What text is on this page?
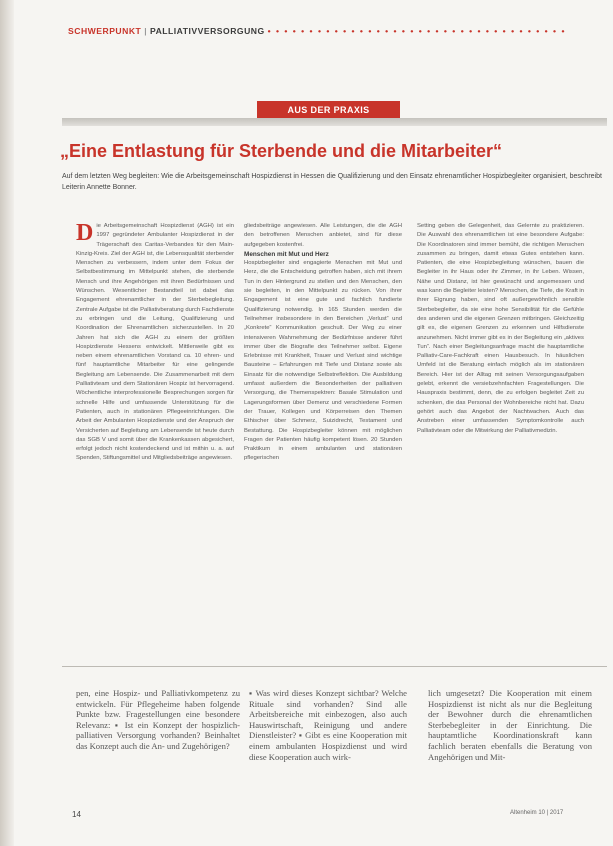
SCHWERPUNKT | PALLIATIVVERSORGUNG • • • • • • • • • • • • • • • • • • • • • • • • • • • • • • • • • • • •
AUS DER PRAXIS
„Eine Entlastung für Sterbende und die Mitarbeiter“
Auf dem letzten Weg begleiten: Wie die Arbeitsgemeinschaft Hospizdienst in Hessen die Qualifizierung und den Einsatz ehrenamtlicher Hospizbegleiter organisiert, beschreibt Leiterin Annette Bonner.
D ie Arbeitsgemeinschaft Hospizdienst (AGH) ist ein 1997 gegründeter Ambulanter Hospizdienst in der Trägerschaft des Caritas-Verbandes für den Main-Kinzig-Kreis. Ziel der AGH ist, die Lebensqualität sterbender Menschen zu verbessern, indem unter dem Fokus der Selbstbestimmung im Mittelpunkt stehen, die sterbende Mensch und ihre Angehörigen mit ihren Bedürfnissen und Wünschen. Wesentlicher Bestandteil ist dabei das Engagement ehrenamtlicher in der Sterbebegleitung. Zentrale Aufgabe ist die Palliativberatung durch Fachdienste zu erbringen und die Leitung, Qualifizierung und Koordination der Ehrenamtlichen sicherzustellen. In 20 Jahren hat sich die AGH zu einem der größten Hospizdienste Hessens entwickelt. Mittlerweile gibt es neben einem ehrenamtlichen Vorstand ca. 10 ehren- und fünf hauptamtliche Mitarbeiter für eine gelingende Begleitung am Lebensende. Die Zusammenarbeit mit dem Palliativteam und dem Stationären Hospiz ist hervorragend. Wöchentliche interprofessionelle Besprechungen sorgen für schnelle Hilfe und umfassende Unterstützung für die Patienten, auch in stationären Pflegeeinrichtungen. Die Arbeit der Ambulanten Hospizdienste und der Anspruch der Versicherten auf Begleitung am Lebensende ist heute durch das SGB V und somit über die Krankenkassen abgesichert, erfolgt jedoch nicht kostendeckend und ist mithin u. a. auf Spenden, Stiftungsmittel und Mitgliedsbeiträge angewiesen.

gliedsbeiträge angewiesen. Alle Leistungen, die die AGH den betroffenen Menschen anbietet, sind für diese aufgegeben kostenfrei.

Menschen mit Mut und Herz

Hospizbegleiter sind engagierte Menschen mit Mut und Herz, die die Entscheidung getroffen haben, sich mit ihrem Tun in den Hintergrund zu stellen und den Menschen, den sie begleiten, in den Mittelpunkt zu rücken. Von ihrer Engagement ist eine gute und fachlich fundierte Qualifizierung notwendig. In 165 Stunden werden die Teilnehmer insbesondere in den Bereichen „Verlust“ und „Konkrete“ Kommunikation geschult. Der Weg zu einer intensiveren Wahrnehmung der Bedürfnisse anderer führt immer über die Biografie des Teilnehmer selbst. Eigene Erlebnisse mit Krankheit, Trauer und Verlust sind wichtige Bausteine – Erfahrungen mit Tiefe und Distanz sowie als Einsatz für die notwendige Selbstreflektion. Die Ausbildung umfasst außerdem die Besonderheiten der palliativen Versorgung, die Themenspektren: Basale Stimulation und Lagerungsformen über Demenz und verschiedene Formen der Trauer, Kollegen und Körperreisen den Themen Ethischer über Schmerz, Suizidrecht, Testament und Bestattung. Die Hospizbegleiter können mit möglichen Fragen der Patienten häufig kompetent lösen. 20 Stunden Praktikum in einem ambulanten und stationären pflegerischen

Setting geben die Gelegenheit, das Gelernte zu praktizieren. Die Auswahl des ehrenamtlichen ist eine besondere Aufgabe: Die Koordinatoren sind immer bemüht, die richtigen Menschen zusammen zu bringen, damit etwas Gutes entstehen kann. Patienten, die eine Hospizbegleitung wünschen, bauen die Begleiter in ihr Haus oder ihr Zimmer, in ihr Leben. Wissen, Nähe und Distanz, ist hier gewünscht und angemessen und was kann die Begleiter leisten? Menschen, die Tiefe, die Kraft in ihrer Eignung haben, sind oft außergewöhnlich sensible Sterbebegleiter, da sie eine hohe Sensibilität für die Gefühle des anderen und die eigenen Grenzen mitbringen. Gleichzeitig gilt es, die eigenen Grenzen zu erkennen und Hilfsdienste anzunehmen. Nicht immer gibt es in der Begleitung ein „aktives Tun“. Nach einer Begleitungsanfrage macht die hauptamtliche Palliativ-Care-Fachkraft einen Hausbesuch. In häuslichen Umfeld ist die Beratung einfach möglich als im stationären Bereich. Hier ist der Alltag mit seinen Versorgungsaufgaben gelebt, erkennt die versiebzehnfachten Fragestellungen. Die Hauspraxis bestimmt, denn, die zu erfolgen begleitet Zeit zu schenken, die das Personal der Wohnbereiche nicht hat. Dazu gehört auch das Angebot der Nachtwachen. Auch das Anstreben einer umfassenden Symptomkontrolle auch Palliativteam oder die Mitwirkung der Palliativmedizin.

pen, eine Hospiz- und Palliativkompetenz zu entwickeln. Für Pflegeheime haben folgende Punkte bzw. Fragestellungen eine besondere Relevanz: ▪ Ist ein Konzept der hospizlich-palliativen Versorgung vorhanden? Beinhaltet das Konzept auch die An- und Zugehörigen?

▪ Was wird dieses Konzept sichtbar? Welche Rituale sind vorhanden? Sind alle Arbeitsbereiche mit einbezogen, also auch Hauswirtschaft, Reinigung und andere Dienstleister? ▪ Gibt es eine Kooperation mit einem ambulanten Hospizdienst und wird diese Kooperation auch wirk-

lich umgesetzt? Die Kooperation mit einem Hospizdienst ist nicht als nur die Begleitung der Bewohner durch die ehrenamtlichen Sterbebegleiter in der Einrichtung. Die hauptamtliche Koordinationskraft kann fachlich beraten ebenfalls die Beratung von Angehörigen und Mit-

14	Altenheim 10 | 2017
